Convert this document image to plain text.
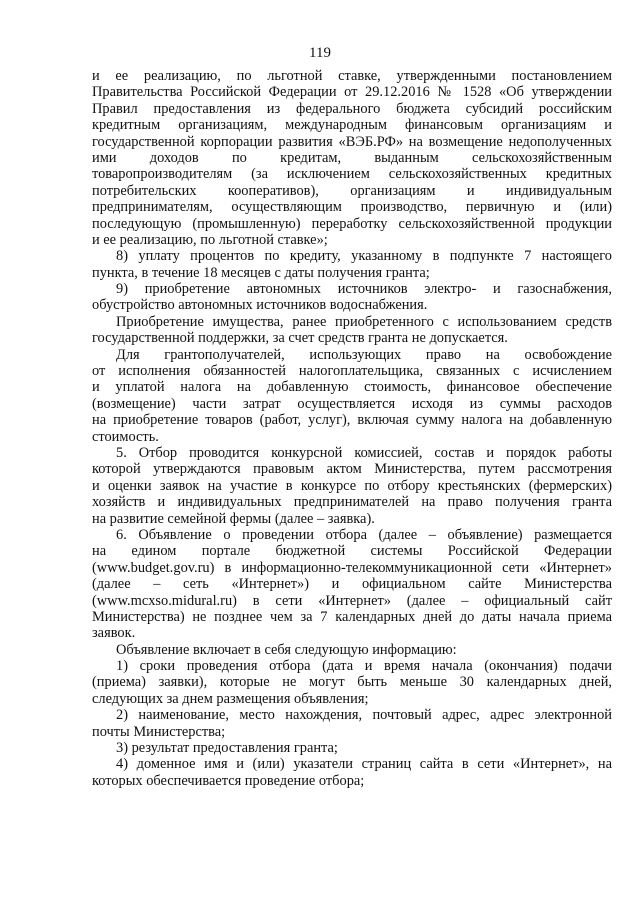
119
и ее реализацию, по льготной ставке, утвержденными постановлением
Правительства Российской Федерации от 29.12.2016 № 1528 «Об утверждении
Правил предоставления из федерального бюджета субсидий российским
кредитным организациям, международным финансовым организациям и
государственной корпорации развития «ВЭБ.РФ» на возмещение недополученных
ими доходов по кредитам, выданным сельскохозяйственным
товаропроизводителям (за исключением сельскохозяйственных кредитных
потребительских кооперативов), организациям и индивидуальным
предпринимателям, осуществляющим производство, первичную и (или)
последующую (промышленную) переработку сельскохозяйственной продукции
и ее реализацию, по льготной ставке»;
8) уплату процентов по кредиту, указанному в подпункте 7 настоящего
пункта, в течение 18 месяцев с даты получения гранта;
9) приобретение автономных источников электро- и газоснабжения,
обустройство автономных источников водоснабжения.
Приобретение имущества, ранее приобретенного с использованием средств
государственной поддержки, за счет средств гранта не допускается.
Для грантополучателей, использующих право на освобождение
от исполнения обязанностей налогоплательщика, связанных с исчислением
и уплатой налога на добавленную стоимость, финансовое обеспечение
(возмещение) части затрат осуществляется исходя из суммы расходов
на приобретение товаров (работ, услуг), включая сумму налога на добавленную
стоимость.
5. Отбор проводится конкурсной комиссией, состав и порядок работы
которой утверждаются правовым актом Министерства, путем рассмотрения
и оценки заявок на участие в конкурсе по отбору крестьянских (фермерских)
хозяйств и индивидуальных предпринимателей на право получения гранта
на развитие семейной фермы (далее – заявка).
6. Объявление о проведении отбора (далее – объявление) размещается
на едином портале бюджетной системы Российской Федерации
(www.budget.gov.ru) в информационно-телекоммуникационной сети «Интернет»
(далее – сеть «Интернет») и официальном сайте Министерства
(www.mcxso.midural.ru) в сети «Интернет» (далее – официальный сайт
Министерства) не позднее чем за 7 календарных дней до даты начала приема
заявок.
Объявление включает в себя следующую информацию:
1) сроки проведения отбора (дата и время начала (окончания) подачи
(приема) заявки), которые не могут быть меньше 30 календарных дней,
следующих за днем размещения объявления;
2) наименование, место нахождения, почтовый адрес, адрес электронной
почты Министерства;
3) результат предоставления гранта;
4) доменное имя и (или) указатели страниц сайта в сети «Интернет», на
которых обеспечивается проведение отбора;
